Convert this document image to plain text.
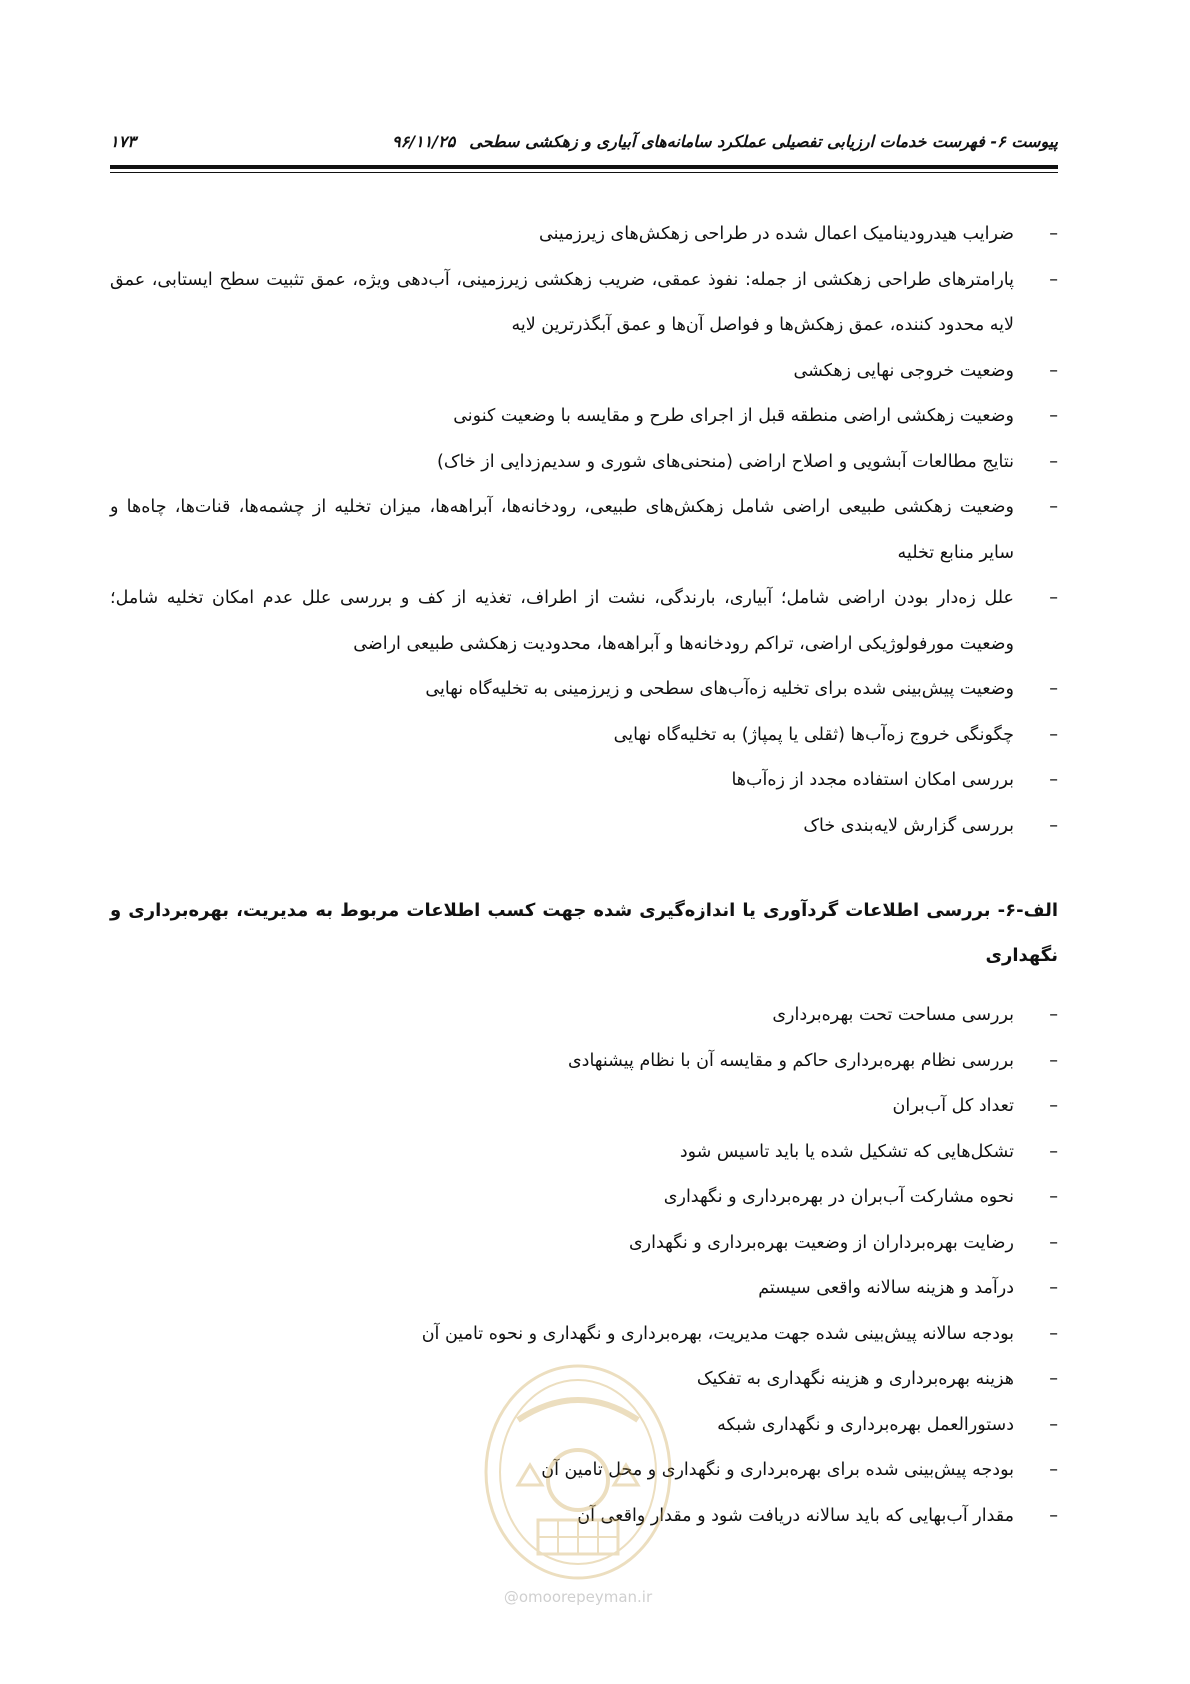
پیوست ۶- فهرست خدمات ارزیابی تفصیلی عملکرد سامانه‌های آبیاری و زهکشی سطحی۹۶/۱۱/۲۵
۱۷۳
–
ضرایب هیدرودینامیک اعمال شده در طراحی زهکش‌های زیرزمینی
–
پارامترهای طراحی زهکشی از جمله: نفوذ عمقی، ضریب زهکشی زیرزمینی، آب‌دهی ویژه، عمق تثبیت سطح ایستابی، عمق لایه محدود کننده، عمق زهکش‌ها و فواصل آن‌ها و عمق آبگذرترین لایه
–
وضعیت خروجی نهایی زهکشی
–
وضعیت زهکشی اراضی منطقه قبل از اجرای طرح و مقایسه با وضعیت کنونی
–
نتایج مطالعات آبشویی و اصلاح اراضی (منحنی‌های شوری و سدیم‌زدایی از خاک)
–
وضعیت زهکشی طبیعی اراضی شامل زهکش‌های طبیعی، رودخانه‌ها، آبراهه‌ها، میزان تخلیه از چشمه‌ها، قنات‌ها، چاه‌ها و سایر منابع تخلیه
–
علل زه‌دار بودن اراضی شامل؛ آبیاری، بارندگی، نشت از اطراف، تغذیه از کف و بررسی علل عدم امکان تخلیه شامل؛ وضعیت مورفولوژیکی اراضی، تراکم رودخانه‌ها و آبراهه‌ها، محدودیت زهکشی طبیعی اراضی
–
وضعیت پیش‌بینی شده برای تخلیه زه‌آب‌های سطحی و زیرزمینی به تخلیه‌گاه نهایی
–
چگونگی خروج زه‌آب‌ها (ثقلی یا پمپاژ) به تخلیه‌گاه نهایی
–
بررسی امکان استفاده مجدد از زه‌آب‌ها
–
بررسی گزارش لایه‌بندی خاک
الف-۶- بررسی اطلاعات گردآوری یا اندازه‌گیری شده جهت کسب اطلاعات مربوط به مدیریت، بهره‌برداری و نگهداری
–
بررسی مساحت تحت بهره‌برداری
–
بررسی نظام بهره‌برداری حاکم و مقایسه آن با نظام پیشنهادی
–
تعداد کل آب‌بران
–
تشکل‌هایی که تشکیل شده یا باید تاسیس شود
–
نحوه مشارکت آب‌بران در بهره‌برداری و نگهداری
–
رضایت بهره‌برداران از وضعیت بهره‌برداری و نگهداری
–
درآمد و هزینه سالانه واقعی سیستم
–
بودجه سالانه پیش‌بینی شده جهت مدیریت، بهره‌برداری و نگهداری و نحوه تامین آن
–
هزینه بهره‌برداری و هزینه نگهداری به تفکیک
–
دستورالعمل بهره‌برداری و نگهداری شبکه
–
بودجه پیش‌بینی شده برای بهره‌برداری و نگهداری و محل تامین آن
–
مقدار آب‌بهایی که باید سالانه دریافت شود و مقدار واقعی آن
@omoorepeyman.ir
